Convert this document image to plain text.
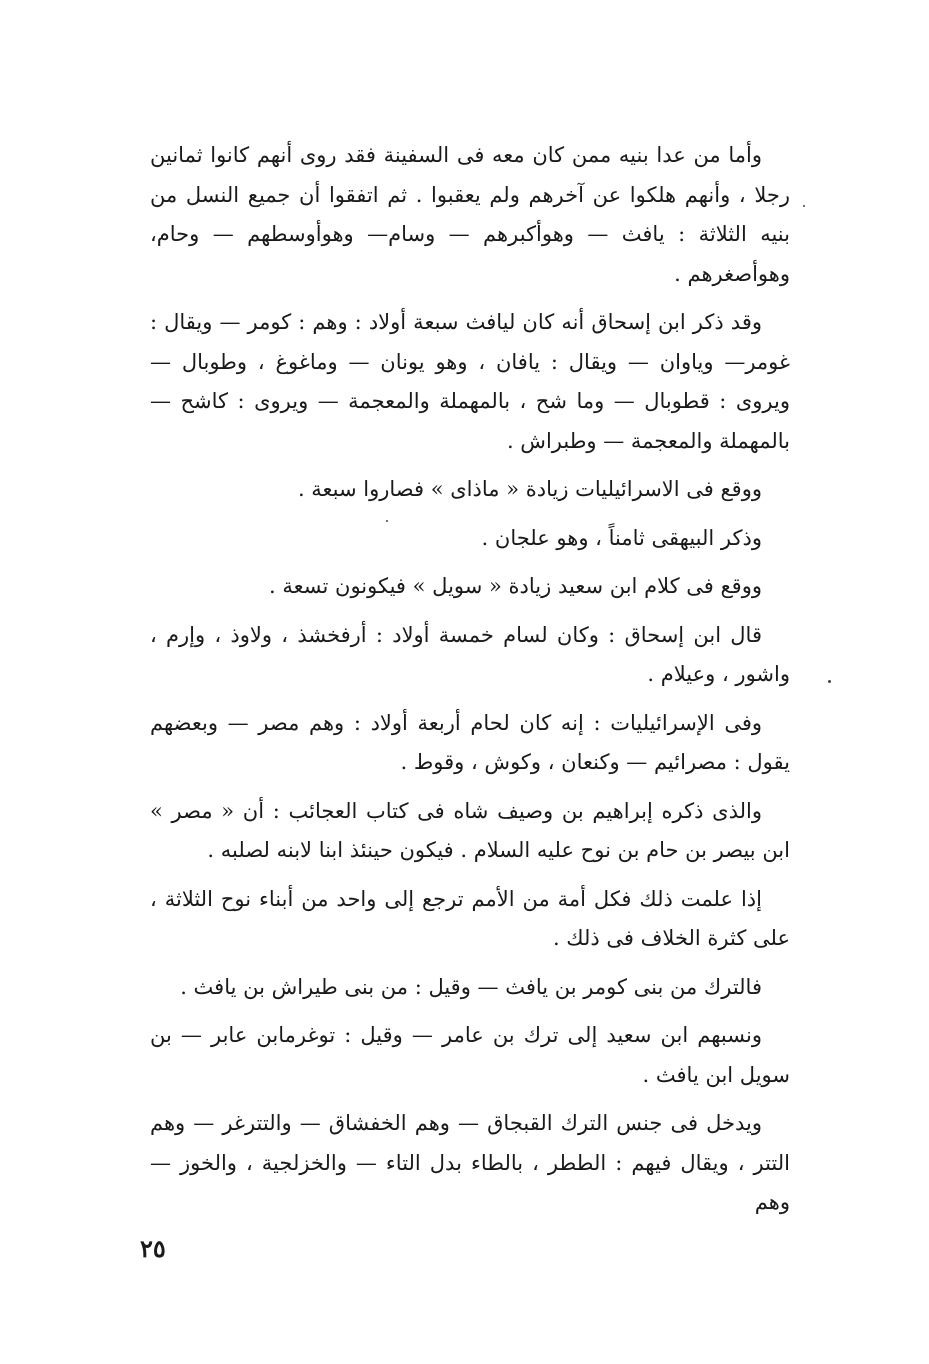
وأما من عدا بنيه ممن كان معه فى السفينة فقد روى أنهم كانوا ثمانين رجلا ، وأنهم هلكوا عن آخرهم ولم يعقبوا . ثم اتفقوا أن جميع النسل من بنيه الثلاثة : يافث — وهوأكبرهم — وسام— وهوأوسطهم — وحام، وهوأصغرهم .

وقد ذكر ابن إسحاق أنه كان ليافث سبعة أولاد : وهم : كومر — ويقال : غومر— وياوان — ويقال : يافان ، وهو يونان — وماغوغ ، وطوبال — ويروى : قطوبال — وما شح ، بالمهملة والمعجمة — ويروى : كاشح — بالمهملة والمعجمة — وطبراش .

ووقع فى الاسرائيليات زيادة « ماذاى » فصاروا سبعة .

وذكر البيهقى ثامناً ، وهو علجان .

ووقع فى كلام ابن سعيد زيادة « سويل » فيكونون تسعة .

قال ابن إسحاق : وكان لسام خمسة أولاد : أرفخشذ ، ولاوذ ، وإرم ، واشور ، وعيلام .

وفى الإسرائيليات : إنه كان لحام أربعة أولاد : وهم مصر — وبعضهم يقول : مصرائيم — وكنعان ، وكوش ، وقوط .

والذى ذكره إبراهيم بن وصيف شاه فى كتاب العجائب : أن « مصر » ابن بيصر بن حام بن نوح عليه السلام . فيكون حينئذ ابنا لابنه لصلبه .

إذا علمت ذلك فكل أمة من الأمم ترجع إلى واحد من أبناء نوح الثلاثة ، على كثرة الخلاف فى ذلك .

فالترك من بنى كومر بن يافث — وقيل : من بنى طيراش بن يافث .

ونسبهم ابن سعيد إلى ترك بن عامر — وقيل : توغرمابن عابر — بن سويل ابن يافث .

ويدخل فى جنس الترك القبجاق — وهم الخفشاق — والتترغر — وهم التتر ، ويقال فيهم : الططر ، بالطاء بدل التاء — والخزلجية ، والخوز — وهم

٢٥
